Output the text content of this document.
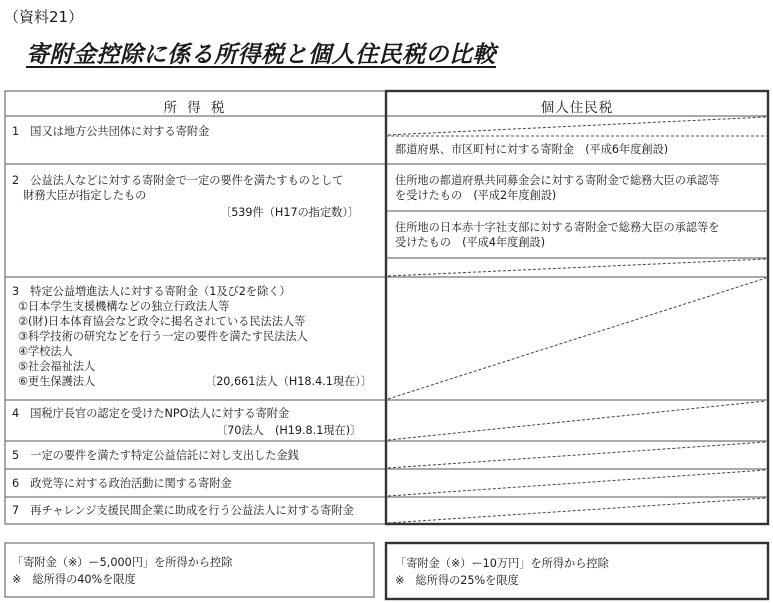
（資料21）
寄附金控除に係る所得税と個人住民税の比較
所 得 税	個人住民税
1　国又は地方公共団体に対する寄附金
2　公益法人などに対する寄附金で一定の要件を満たすものとして
　財務大臣が指定したもの
〔539件（H17の指定数）〕
3　特定公益増進法人に対する寄附金（1及び2を除く）
①日本学生支援機構などの独立行政法人等
②(財)日本体育協会など政令に掲名されている民法法人等
③科学技術の研究などを行う一定の要件を満たす民法法人
④学校法人
⑤社会福祉法人
⑥更生保護法人	〔20,661法人（H18.4.1現在）〕
4　国税庁長官の認定を受けたNPO法人に対する寄附金
〔70法人　(H19.8.1現在)〕
5　一定の要件を満たす特定公益信託に対し支出した金銭
6　政党等に対する政治活動に関する寄附金
7　再チャレンジ支援民間企業に助成を行う公益法人に対する寄附金
都道府県、市区町村に対する寄附金　(平成6年度創設)
住所地の都道府県共同募金会に対する寄附金で総務大臣の承認等
を受けたもの　(平成2年度創設)
住所地の日本赤十字社支部に対する寄附金で総務大臣の承認等を
受けたもの　(平成4年度創設)
「寄附金（※）ー5,000円」を所得から控除
※　総所得の40%を限度
「寄附金（※）ー10万円」を所得から控除
※　総所得の25%を限度
